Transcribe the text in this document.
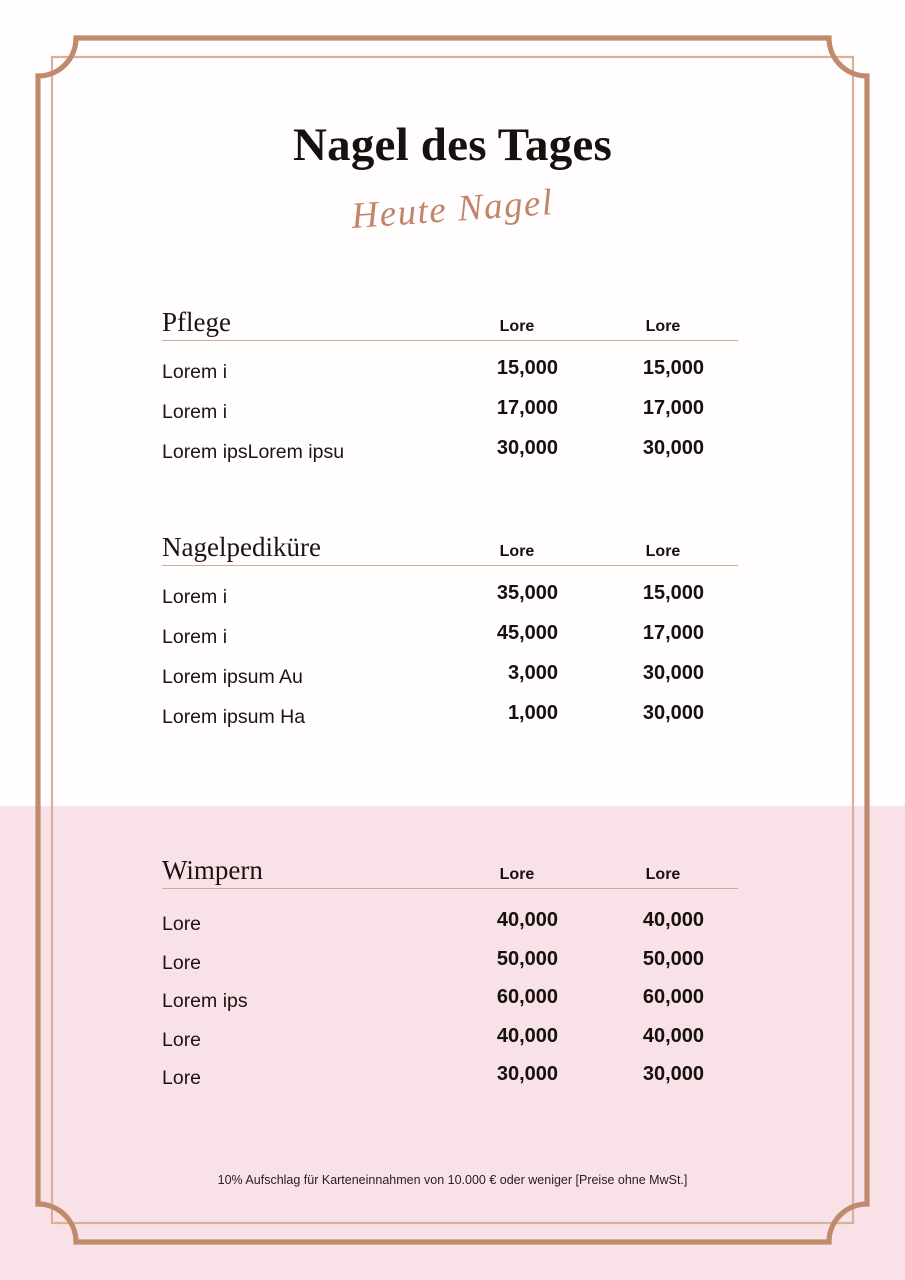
Nagel des Tages
Heute Nagel
Pflege	Lore	Lore
Lorem i	15,000	15,000
Lorem i	17,000	17,000
Lorem ipsLorem ipsu	30,000	30,000
Nagelpediküre	Lore	Lore
Lorem i	35,000	15,000
Lorem i	45,000	17,000
Lorem ipsum Au	3,000	30,000
Lorem ipsum Ha	1,000	30,000
Wimpern	Lore	Lore
Lore	40,000	40,000
Lore	50,000	50,000
Lorem ips	60,000	60,000
Lore	40,000	40,000
Lore	30,000	30,000
10% Aufschlag für Karteneinnahmen von 10.000 € oder weniger [Preise ohne MwSt.]
